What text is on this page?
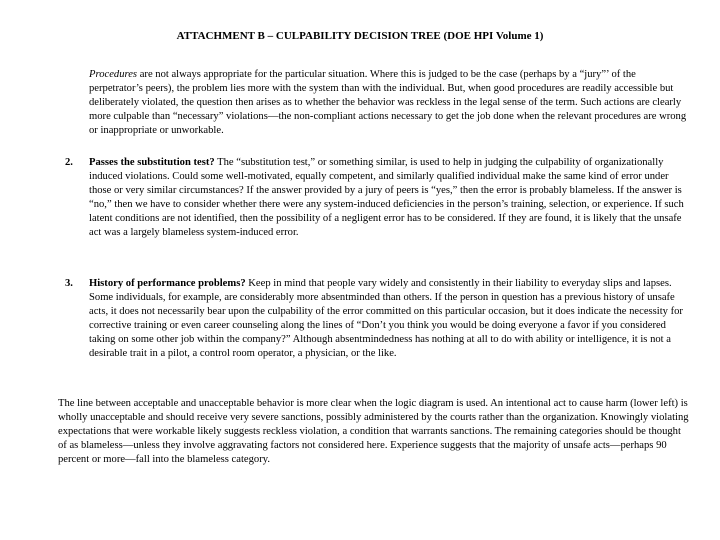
ATTACHMENT B – CULPABILITY DECISION TREE (DOE HPI Volume 1)
Procedures are not always appropriate for the particular situation. Where this is judged to be the case (perhaps by a “jury”’ of the perpetrator’s peers), the problem lies more with the system than with the individual. But, when good procedures are readily accessible but deliberately violated, the question then arises as to whether the behavior was reckless in the legal sense of the term. Such actions are clearly more culpable than “necessary” violations—the non-compliant actions necessary to get the job done when the relevant procedures are wrong or inappropriate or unworkable.
2.	Passes the substitution test? The “substitution test,” or something similar, is used to help in judging the culpability of organizationally induced violations. Could some well-motivated, equally competent, and similarly qualified individual make the same kind of error under those or very similar circumstances? If the answer provided by a jury of peers is “yes,” then the error is probably blameless. If the answer is “no,” then we have to consider whether there were any system-induced deficiencies in the person’s training, selection, or experience. If such latent conditions are not identified, then the possibility of a negligent error has to be considered. If they are found, it is likely that the unsafe act was a largely blameless system-induced error.
3.	History of performance problems? Keep in mind that people vary widely and consistently in their liability to everyday slips and lapses. Some individuals, for example, are considerably more absentminded than others. If the person in question has a previous history of unsafe acts, it does not necessarily bear upon the culpability of the error committed on this particular occasion, but it does indicate the necessity for corrective training or even career counseling along the lines of “Don’t you think you would be doing everyone a favor if you considered taking on some other job within the company?” Although absentmindedness has nothing at all to do with ability or intelligence, it is not a desirable trait in a pilot, a control room operator, a physician, or the like.
The line between acceptable and unacceptable behavior is more clear when the logic diagram is used. An intentional act to cause harm (lower left) is wholly unacceptable and should receive very severe sanctions, possibly administered by the courts rather than the organization. Knowingly violating expectations that were workable likely suggests reckless violation, a condition that warrants sanctions. The remaining categories should be thought of as blameless—unless they involve aggravating factors not considered here. Experience suggests that the majority of unsafe acts—perhaps 90 percent or more—fall into the blameless category.
